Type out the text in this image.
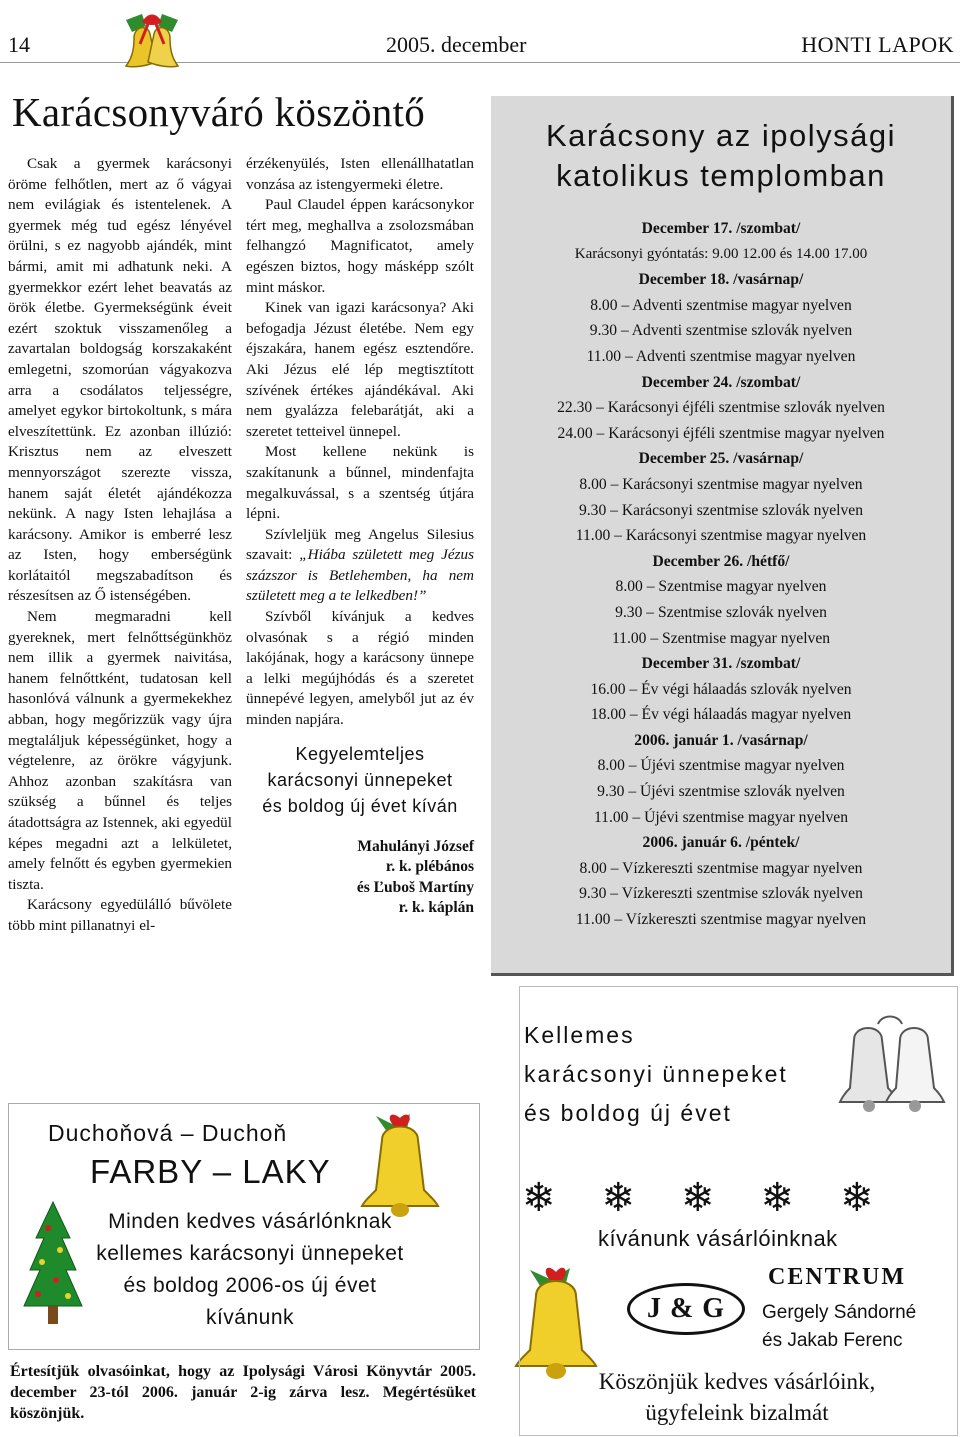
14	2005. december	HONTI LAPOK
Karácsonyváró köszöntő

Csak a gyermek karácsonyi öröme felhőtlen, mert az ő vágyai nem evilágiak és istentelenek. A gyermek még tud egész lényével örülni, s ez nagyobb ajándék, mint bármi, amit mi adhatunk neki. A gyermekkor ezért lehet beavatás az örök életbe. Gyermekségünk éveit ezért szoktuk visszamenőleg a zavartalan boldogság korszakaként emlegetni, szomorúan vágyakozva arra a csodálatos teljességre, amelyet egykor birtokoltunk, s mára elveszítettünk. Ez azonban illúzió: Krisztus nem az elveszett mennyországot szerezte vissza, hanem saját életét ajándékozza nekünk. A nagy Isten lehajlása a karácsony. Amikor is emberré lesz az Isten, hogy emberségünk korlátaitól megszabadítson és részesítsen az Ő istenségében.

Nem megmaradni kell gyereknek, mert felnőttségünkhöz nem illik a gyermek naivitása, hanem felnőttként, tudatosan kell hasonlóvá válnunk a gyermekekhez abban, hogy megőrizzük vagy újra megtaláljuk képességünket, hogy a végtelenre, az örökre vágyjunk. Ahhoz azonban szakításra van szükség a bűnnel és teljes átadottságra az Istennek, aki egyedül képes megadni azt a lelkületet, amely felnőtt és egyben gyermekien tiszta.

Karácsony egyedülálló bűvölete több mint pillanatnyi el-

érzékenyülés, Isten ellenállhatatlan vonzása az istengyermeki életre.

Paul Claudel éppen karácsonykor tért meg, meghallva a zsolozsmában felhangzó Magnificatot, amely egészen biztos, hogy másképp szólt mint máskor.

Kinek van igazi karácsonya? Aki befogadja Jézust életébe. Nem egy éjszakára, hanem egész esztendőre. Aki Jézus elé lép megtisztított szívének értékes ajándékával. Aki nem gyalázza felebarátját, aki a szeretet tetteivel ünnepel.

Most kellene nekünk is szakítanunk a bűnnel, mindenfajta megalkuvással, s a szentség útjára lépni.

Szívleljük meg Angelus Silesius szavait: „Hiába született meg Jézus százszor is Betlehemben, ha nem született meg a te lelkedben!”

Szívből kívánjuk a kedves olvasónak s a régió minden lakójának, hogy a karácsony ünnepe a lelki megújhódás és a szeretet ünnepévé legyen, amelyből jut az év minden napjára.

Kegyelemteljes
karácsonyi ünnepeket
és boldog új évet kíván
Mahulányi József
r. k. plébános
és Ľuboš Martíny
r. k. káplán
Karácsony az ipolysági
katolikus templomban
December 17. /szombat/
Karácsonyi gyóntatás: 9.00 12.00 és 14.00 17.00
December 18. /vasárnap/
8.00 – Adventi szentmise magyar nyelven
9.30 – Adventi szentmise szlovák nyelven
11.00 – Adventi szentmise magyar nyelven
December 24. /szombat/
22.30 – Karácsonyi éjféli szentmise szlovák nyelven
24.00 – Karácsonyi éjféli szentmise magyar nyelven
December 25. /vasárnap/
8.00 – Karácsonyi szentmise magyar nyelven
9.30 – Karácsonyi szentmise szlovák nyelven
11.00 – Karácsonyi szentmise magyar nyelven
December 26. /hétfő/
8.00 – Szentmise magyar nyelven
9.30 – Szentmise szlovák nyelven
11.00 – Szentmise magyar nyelven
December 31. /szombat/
16.00 – Év végi hálaadás szlovák nyelven
18.00 – Év végi hálaadás magyar nyelven
2006. január 1. /vasárnap/
8.00 – Újévi szentmise magyar nyelven
9.30 – Újévi szentmise szlovák nyelven
11.00 – Újévi szentmise magyar nyelven
2006. január 6. /péntek/
8.00 – Vízkereszti szentmise magyar nyelven
9.30 – Vízkereszti szentmise szlovák nyelven
11.00 – Vízkereszti szentmise magyar nyelven
Duchoňová – Duchoň
FARBY – LAKY
Minden kedves vásárlónknak
kellemes karácsonyi ünnepeket
és boldog 2006-os új évet
kívánunk
Értesítjük olvasóinkat, hogy az Ipolysági Városi Könyvtár 2005. december 23-tól 2006. január 2-ig zárva lesz. Megértésüket köszönjük.
Kellemes
karácsonyi ünnepeket
és boldog új évet
❄ ❄ ❄ ❄ ❄
kívánunk vásárlóinknak
J & G
CENTRUM
Gergely Sándorné
és Jakab Ferenc
Köszönjük kedves vásárlóink,
ügyfeleink bizalmát
